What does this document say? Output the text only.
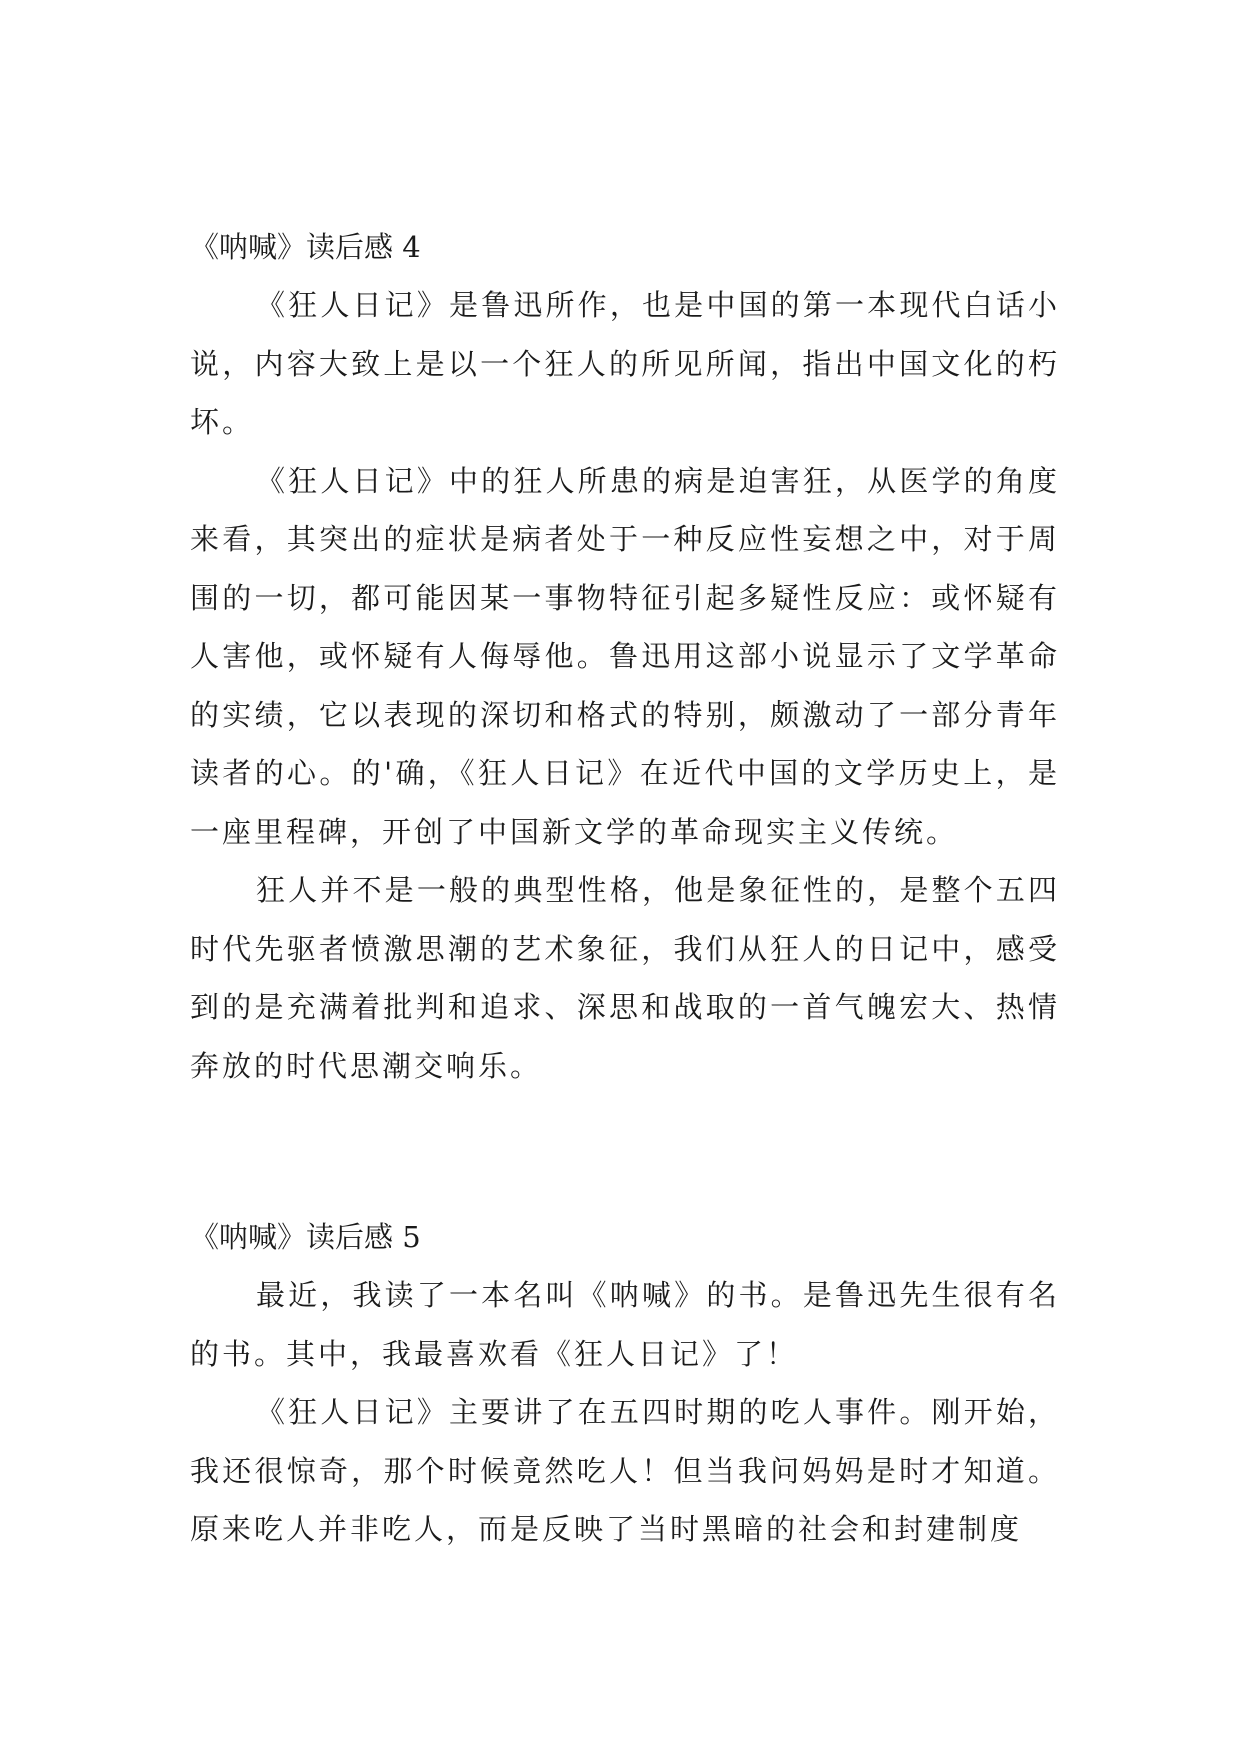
《呐喊》读后感 4

《狂人日记》是鲁迅所作，也是中国的第一本现代白话小说，内容大致上是以一个狂人的所见所闻，指出中国文化的朽坏。

《狂人日记》中的狂人所患的病是迫害狂，从医学的角度来看，其突出的症状是病者处于一种反应性妄想之中，对于周围的一切，都可能因某一事物特征引起多疑性反应：或怀疑有人害他，或怀疑有人侮辱他。鲁迅用这部小说显示了文学革命的实绩，它以表现的深切和格式的特别，颇激动了一部分青年读者的心。的'确，《狂人日记》在近代中国的文学历史上，是一座里程碑，开创了中国新文学的革命现实主义传统。

狂人并不是一般的典型性格，他是象征性的，是整个五四时代先驱者愤激思潮的艺术象征，我们从狂人的日记中，感受到的是充满着批判和追求、深思和战取的一首气魄宏大、热情奔放的时代思潮交响乐。

《呐喊》读后感 5

最近，我读了一本名叫《呐喊》的书。是鲁迅先生很有名的书。其中，我最喜欢看《狂人日记》了！

《狂人日记》主要讲了在五四时期的吃人事件。刚开始，我还很惊奇，那个时候竟然吃人！但当我问妈妈是时才知道。原来吃人并非吃人，而是反映了当时黑暗的社会和封建制度
